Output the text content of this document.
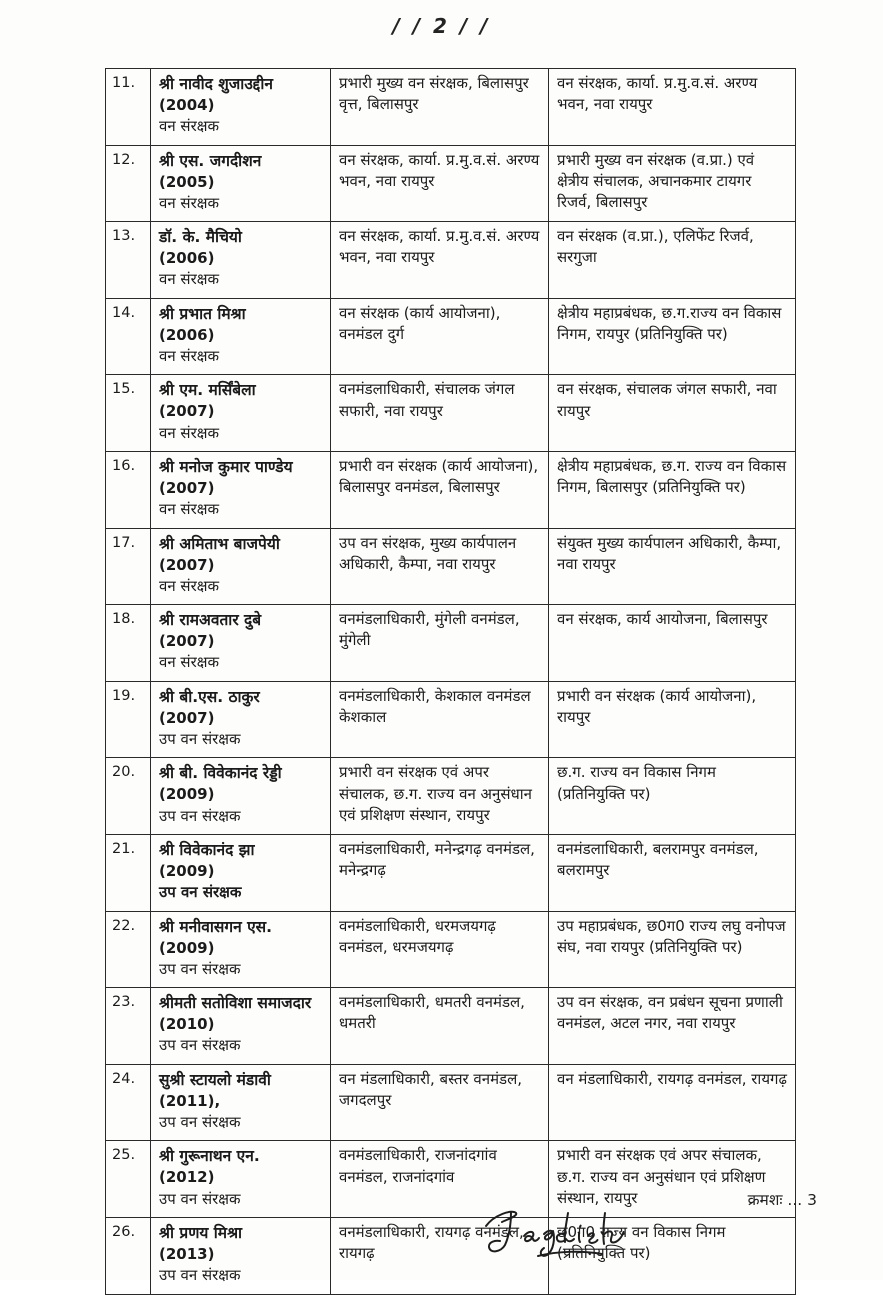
/ / 2 / /
11.	श्री नावीद शुजाउद्दीन
(2004)
वन संरक्षक	प्रभारी मुख्य वन संरक्षक, बिलासपुर वृत्त, बिलासपुर	वन संरक्षक, कार्या. प्र.मु.व.सं. अरण्य भवन, नवा रायपुर
12.	श्री एस. जगदीशन
(2005)
वन संरक्षक	वन संरक्षक, कार्या. प्र.मु.व.सं. अरण्य भवन, नवा रायपुर	प्रभारी मुख्य वन संरक्षक (व.प्रा.) एवं क्षेत्रीय संचालक, अचानकमार टायगर रिजर्व, बिलासपुर
13.	डॉ. के. मैचियो
(2006)
वन संरक्षक	वन संरक्षक, कार्या. प्र.मु.व.सं. अरण्य भवन, नवा रायपुर	वन संरक्षक (व.प्रा.), एलिफेंट रिजर्व, सरगुजा
14.	श्री प्रभात मिश्रा
(2006)
वन संरक्षक	वन संरक्षक (कार्य आयोजना), वनमंडल दुर्ग	क्षेत्रीय महाप्रबंधक, छ.ग.राज्य वन विकास निगम, रायपुर (प्रतिनियुक्ति पर)
15.	श्री एम. मर्सिंबेला
(2007)
वन संरक्षक	वनमंडलाधिकारी, संचालक जंगल सफारी, नवा रायपुर	वन संरक्षक, संचालक जंगल सफारी, नवा रायपुर
16.	श्री मनोज कुमार पाण्डेय
(2007)
वन संरक्षक	प्रभारी वन संरक्षक (कार्य आयोजना), बिलासपुर वनमंडल, बिलासपुर	क्षेत्रीय महाप्रबंधक, छ.ग. राज्य वन विकास निगम, बिलासपुर (प्रतिनियुक्ति पर)
17.	श्री अमिताभ बाजपेयी
(2007)
वन संरक्षक	उप वन संरक्षक, मुख्य कार्यपालन अधिकारी, कैम्पा, नवा रायपुर	संयुक्त मुख्य कार्यपालन अधिकारी, कैम्पा, नवा रायपुर
18.	श्री रामअवतार दुबे
(2007)
वन संरक्षक	वनमंडलाधिकारी, मुंगेली वनमंडल, मुंगेली	वन संरक्षक, कार्य आयोजना, बिलासपुर
19.	श्री बी.एस. ठाकुर
(2007)
उप वन संरक्षक	वनमंडलाधिकारी, केशकाल वनमंडल केशकाल	प्रभारी वन संरक्षक (कार्य आयोजना), रायपुर
20.	श्री बी. विवेकानंद रेड्डी
(2009)
उप वन संरक्षक	प्रभारी वन संरक्षक एवं अपर संचालक, छ.ग. राज्य वन अनुसंधान एवं प्रशिक्षण संस्थान, रायपुर	छ.ग. राज्य वन विकास निगम (प्रतिनियुक्ति पर)
21.	श्री विवेकानंद झा
(2009)
उप वन संरक्षक	वनमंडलाधिकारी, मनेन्द्रगढ़ वनमंडल, मनेन्द्रगढ़	वनमंडलाधिकारी, बलरामपुर वनमंडल, बलरामपुर
22.	श्री मनीवासगन एस.
(2009)
उप वन संरक्षक	वनमंडलाधिकारी, धरमजयगढ़ वनमंडल, धरमजयगढ़	उप महाप्रबंधक, छ0ग0 राज्य लघु वनोपज संघ, नवा रायपुर (प्रतिनियुक्ति पर)
23.	श्रीमती सतोविशा समाजदार
(2010)
उप वन संरक्षक	वनमंडलाधिकारी, धमतरी वनमंडल, धमतरी	उप वन संरक्षक, वन प्रबंधन सूचना प्रणाली वनमंडल, अटल नगर, नवा रायपुर
24.	सुश्री स्टायलो मंडावी
(2011),
उप वन संरक्षक	वन मंडलाधिकारी, बस्तर वनमंडल, जगदलपुर	वन मंडलाधिकारी, रायगढ़ वनमंडल, रायगढ़
25.	श्री गुरूनाथन एन.
(2012)
उप वन संरक्षक	वनमंडलाधिकारी, राजनांदगांव वनमंडल, राजनांदगांव	प्रभारी वन संरक्षक एवं अपर संचालक, छ.ग. राज्य वन अनुसंधान एवं प्रशिक्षण संस्थान, रायपुर
26.	श्री प्रणय मिश्रा
(2013)
उप वन संरक्षक	वनमंडलाधिकारी, रायगढ़ वनमंडल, रायगढ़	छ0ग0 राज्य वन विकास निगम (प्रतिनियुक्ति पर)
क्रमशः ... 3
